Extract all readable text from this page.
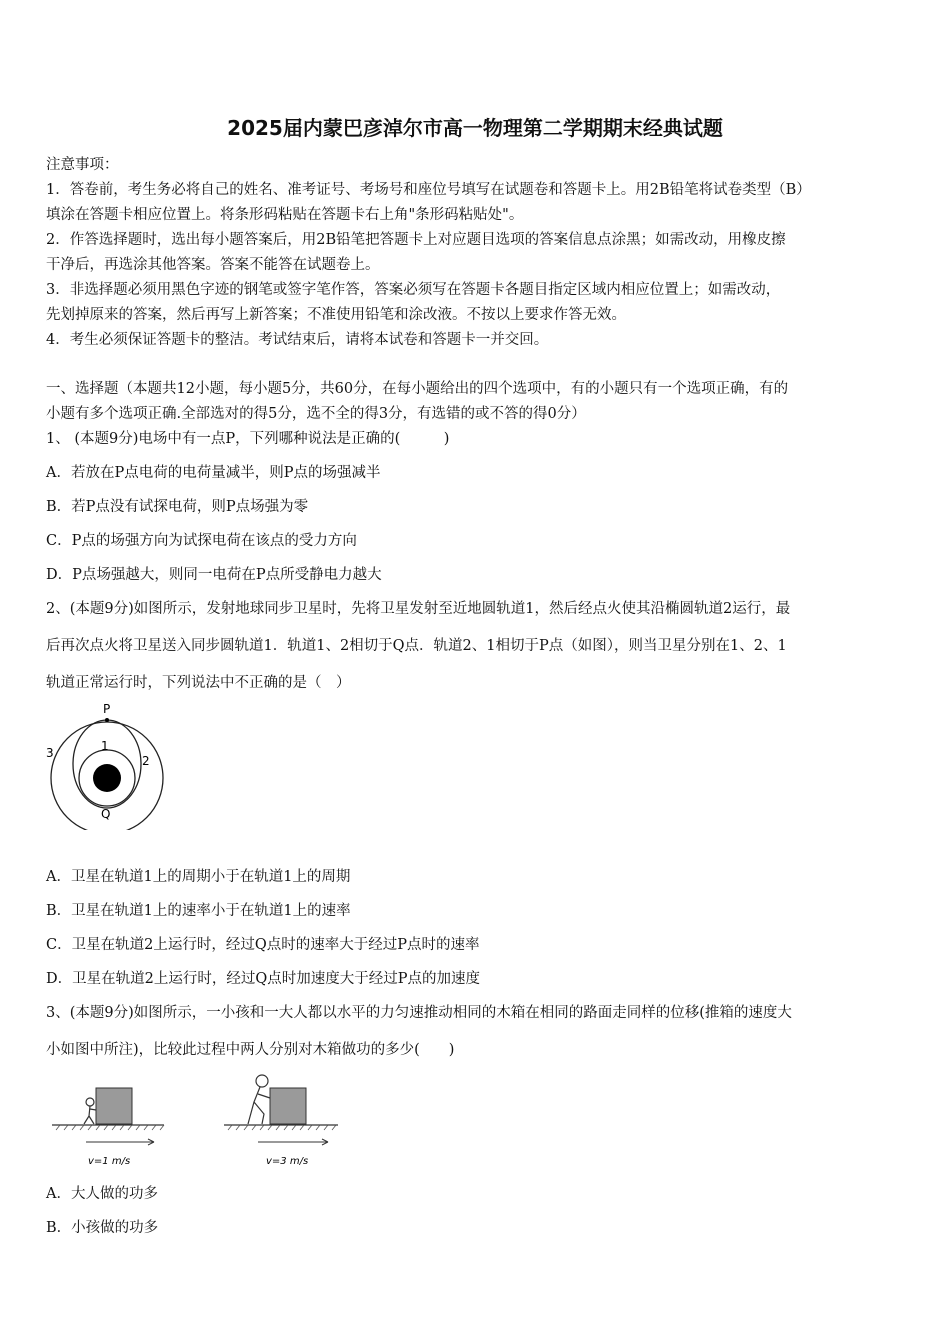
2025届内蒙巴彦淖尔市高一物理第二学期期末经典试题
注意事项：
1．答卷前，考生务必将自己的姓名、准考证号、考场号和座位号填写在试题卷和答题卡上。用2B铅笔将试卷类型（B）
填涂在答题卡相应位置上。将条形码粘贴在答题卡右上角"条形码粘贴处"。
2．作答选择题时，选出每小题答案后，用2B铅笔把答题卡上对应题目选项的答案信息点涂黑；如需改动，用橡皮擦
干净后，再选涂其他答案。答案不能答在试题卷上。
3．非选择题必须用黑色字迹的钢笔或签字笔作答，答案必须写在答题卡各题目指定区域内相应位置上；如需改动，
先划掉原来的答案，然后再写上新答案；不准使用铅笔和涂改液。不按以上要求作答无效。
4．考生必须保证答题卡的整洁。考试结束后，请将本试卷和答题卡一并交回。
一、选择题（本题共12小题，每小题5分，共60分，在每小题给出的四个选项中，有的小题只有一个选项正确，有的
小题有多个选项正确.全部选对的得5分，选不全的得3分，有选错的或不答的得0分）
1、 (本题9分)电场中有一点P，下列哪种说法是正确的(　　　)
A．若放在P点电荷的电荷量减半，则P点的场强减半
B．若P点没有试探电荷，则P点场强为零
C．P点的场强方向为试探电荷在该点的受力方向
D．P点场强越大，则同一电荷在P点所受静电力越大
2、(本题9分)如图所示，发射地球同步卫星时，先将卫星发射至近地圆轨道1，然后经点火使其沿椭圆轨道2运行，最
后再次点火将卫星送入同步圆轨道1．轨道1、2相切于Q点．轨道2、1相切于P点（如图），则当卫星分别在1、2、1
轨道正常运行时，下列说法中不正确的是（　）
P
1
2
3
Q
A．卫星在轨道1上的周期小于在轨道1上的周期
B．卫星在轨道1上的速率小于在轨道1上的速率
C．卫星在轨道2上运行时，经过Q点时的速率大于经过P点时的速率
D．卫星在轨道2上运行时，经过Q点时加速度大于经过P点的加速度
3、(本题9分)如图所示，一小孩和一大人都以水平的力匀速推动相同的木箱在相同的路面走同样的位移(推箱的速度大
小如图中所注)，比较此过程中两人分别对木箱做功的多少(　　)
v=1 m/s	v=3 m/s
A．大人做的功多
B．小孩做的功多
